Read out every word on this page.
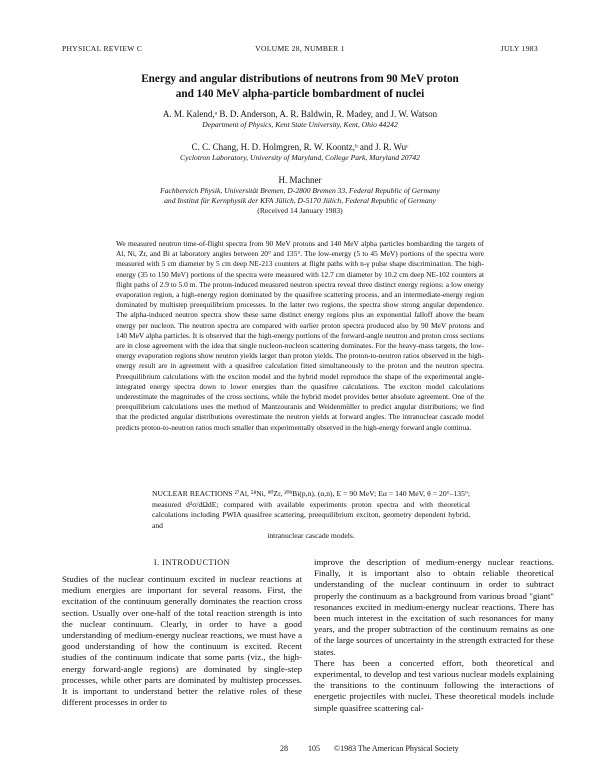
PHYSICAL REVIEW C	VOLUME 28, NUMBER 1	JULY 1983
Energy and angular distributions of neutrons from 90 MeV proton
and 140 MeV alpha-particle bombardment of nuclei
A. M. Kalend,ᵃ B. D. Anderson, A. R. Baldwin, R. Madey, and J. W. Watson
Department of Physics, Kent State University, Kent, Ohio 44242
C. C. Chang, H. D. Holmgren, R. W. Koontz,ᵇ and J. R. Wuᶜ
Cyclotron Laboratory, University of Maryland, College Park, Maryland 20742
H. Machner
Fachbereich Physik, Universität Bremen, D-2800 Bremen 33, Federal Republic of Germany
and Institut für Kernphysik der KFA Jülich, D-5170 Jülich, Federal Republic of Germany
(Received 14 January 1983)

We measured neutron time-of-flight spectra from 90 MeV protons and 140 MeV alpha particles bombarding the targets of Al, Ni, Zr, and Bi at laboratory angles between 20° and 135°. The low-energy (5 to 45 MeV) portions of the spectra were measured with 5 cm diameter by 5 cm deep NE-213 counters at flight paths with n-γ pulse shape discrimination. The high-energy (35 to 150 MeV) portions of the spectra were measured with 12.7 cm diameter by 10.2 cm deep NE-102 counters at flight paths of 2.9 to 5.0 m. The proton-induced measured neutron spectra reveal three distinct energy regions: a low energy evaporation region, a high-energy region dominated by the quasifree scattering process, and an intermediate-energy region dominated by multistep preequilibrium processes. In the latter two regions, the spectra show strong angular dependence. The alpha-induced neutron spectra show these same distinct energy regions plus an exponential falloff above the beam energy per nucleon. The neutron spectra are compared with earlier proton spectra produced also by 90 MeV protons and 140 MeV alpha particles. It is observed that the high-energy portions of the forward-angle neutron and proton cross sections are in close agreement with the idea that single nucleon-nucleon scattering dominates. For the heavy-mass targets, the low-energy evaporation regions show neutron yields larger than proton yields. The proton-to-neutron ratios observed in the high-energy result are in agreement with a quasifree calculation fitted simultaneously to the proton and the neutron spectra. Preequilibrium calculations with the exciton model and the hybrid model reproduce the shape of the experimental angle-integrated energy spectra down to lower energies than the quasifree calculations. The exciton model calculations underestimate the magnitudes of the cross sections, while the hybrid model provides better absolute agreement. One of the preequilibrium calculations uses the method of Mantzouranis and Weidenmüller to predict angular distributions; we find that the predicted angular distributions overestimate the neutron yields at forward angles. The intranuclear cascade model predicts proton-to-neutron ratios much smaller than experimentally observed in the high-energy forward angle continua.

NUCLEAR REACTIONS ²⁷Al, ⁵⁸Ni, ⁹⁰Zr, ²⁰⁹Bi(p,n), (α,n), E = 90 MeV; Eα = 140 MeV, θ = 20°–135°; measured d²σ/dΩdE; compared with available experiments proton spectra and with theoretical calculations including PWIA quasifree scattering, preequilibrium exciton, geometry dependent hybrid, and
intranuclear cascade models.
I. INTRODUCTION

Studies of the nuclear continuum excited in nuclear reactions at medium energies are important for several reasons. First, the excitation of the continuum generally dominates the reaction cross section. Usually over one-half of the total reaction strength is into the nuclear continuum. Clearly, in order to have a good understanding of medium-energy nuclear reactions, we must have a good understanding of how the continuum is excited. Recent studies of the continuum indicate that some parts (viz., the high-energy forward-angle regions) are dominated by single-step processes, while other parts are dominated by multistep processes. It is important to understand better the relative roles of these different processes in order to

improve the description of medium-energy nuclear reactions. Finally, it is important also to obtain reliable theoretical understanding of the nuclear continuum in order to subtract properly the continuum as a background from various broad "giant" resonances excited in medium-energy nuclear reactions. There has been much interest in the excitation of such resonances for many years, and the proper subtraction of the continuum remains as one of the large sources of uncertainty in the strength extracted for these states.
There has been a concerted effort, both theoretical and experimental, to develop and test various nuclear models explaining the transitions to the continuum following the interactions of energetic projectiles with nuclei. These theoretical models include simple quasifree scattering cal-

28	105 ©1983 The American Physical Society
